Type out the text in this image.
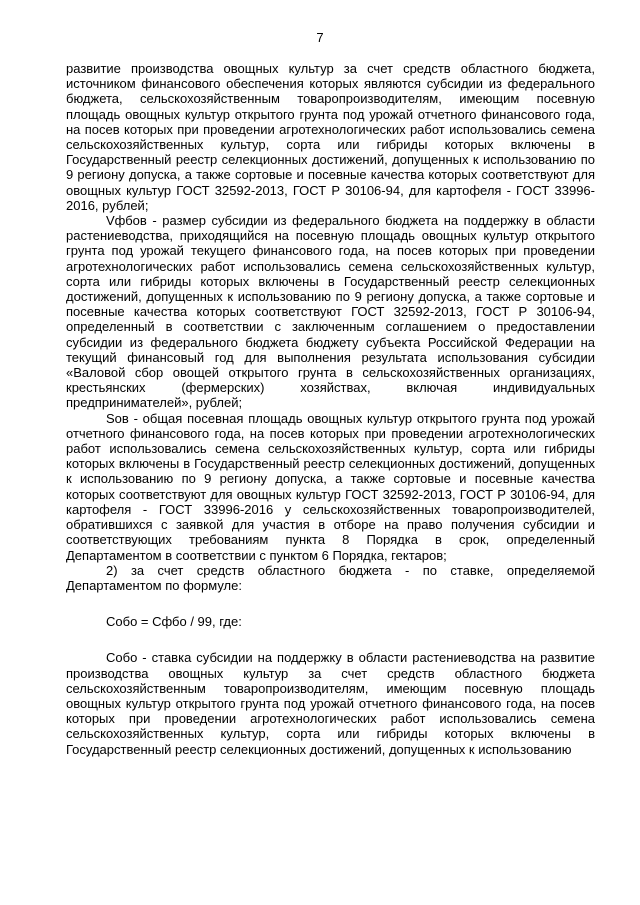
7

развитие производства овощных культур за счет средств областного бюджета, источником финансового обеспечения которых являются субсидии из федерального бюджета, сельскохозяйственным товаропроизводителям, имеющим посевную площадь овощных культур открытого грунта под урожай отчетного финансового года, на посев которых при проведении агротехнологических работ использовались семена сельскохозяйственных культур, сорта или гибриды которых включены в Государственный реестр селекционных достижений, допущенных к использованию по 9 региону допуска, а также сортовые и посевные качества которых соответствуют для овощных культур ГОСТ 32592-2013, ГОСТ Р 30106-94, для картофеля - ГОСТ 33996-2016, рублей;

Vфбов - размер субсидии из федерального бюджета на поддержку в области растениеводства, приходящийся на посевную площадь овощных культур открытого грунта под урожай текущего финансового года, на посев которых при проведении агротехнологических работ использовались семена сельскохозяйственных культур, сорта или гибриды которых включены в Государственный реестр селекционных достижений, допущенных к использованию по 9 региону допуска, а также сортовые и посевные качества которых соответствуют ГОСТ 32592-2013, ГОСТ Р 30106-94, определенный в соответствии с заключенным соглашением о предоставлении субсидии из федерального бюджета бюджету субъекта Российской Федерации на текущий финансовый год для выполнения результата использования субсидии «Валовой сбор овощей открытого грунта в сельскохозяйственных организациях, крестьянских (фермерских) хозяйствах, включая индивидуальных предпринимателей», рублей;

Sов - общая посевная площадь овощных культур открытого грунта под урожай отчетного финансового года, на посев которых при проведении агротехнологических работ использовались семена сельскохозяйственных культур, сорта или гибриды которых включены в Государственный реестр селекционных достижений, допущенных к использованию по 9 региону допуска, а также сортовые и посевные качества которых соответствуют для овощных культур ГОСТ 32592-2013, ГОСТ Р 30106-94, для картофеля - ГОСТ 33996-2016 у сельскохозяйственных товаропроизводителей, обратившихся с заявкой для участия в отборе на право получения субсидии и соответствующих требованиям пункта 8 Порядка в срок, определенный Департаментом в соответствии с пунктом 6 Порядка, гектаров;

2) за счет средств областного бюджета - по ставке, определяемой Департаментом по формуле:

Собо = Сфбо / 99, где:

Собо - ставка субсидии на поддержку в области растениеводства на развитие производства овощных культур за счет средств областного бюджета сельскохозяйственным товаропроизводителям, имеющим посевную площадь овощных культур открытого грунта под урожай отчетного финансового года, на посев которых при проведении агротехнологических работ использовались семена сельскохозяйственных культур, сорта или гибриды которых включены в Государственный реестр селекционных достижений, допущенных к использованию
